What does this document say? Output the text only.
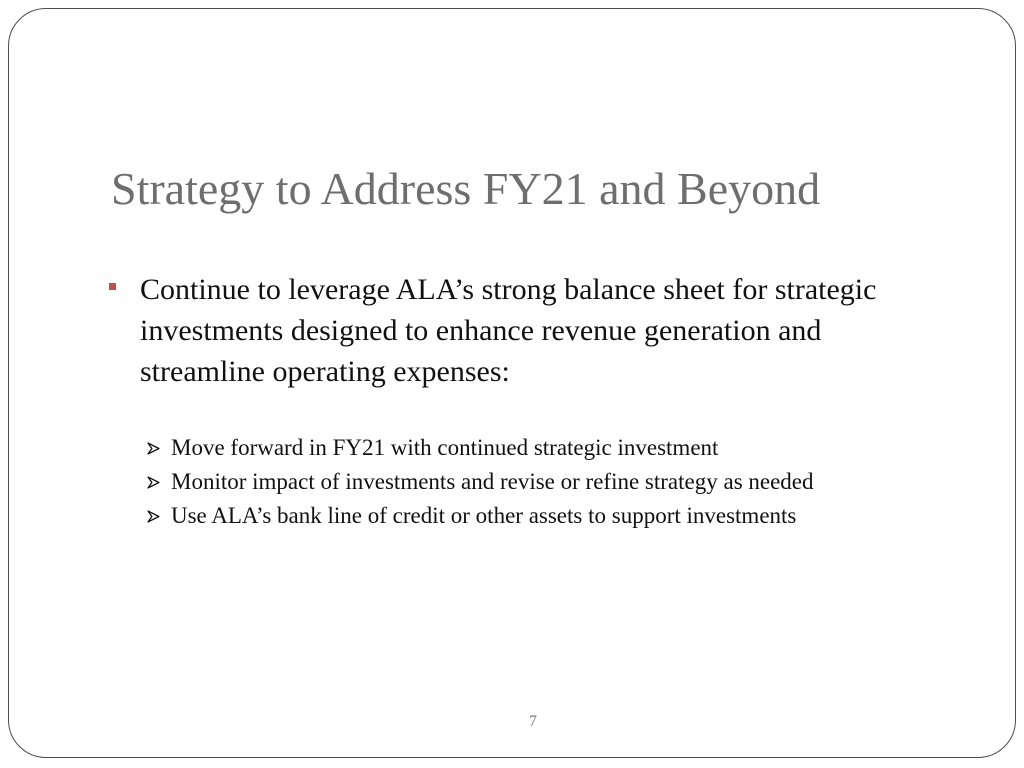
Strategy to Address FY21 and Beyond
Continue to leverage ALA’s strong balance sheet for strategic investments designed to enhance revenue generation and streamline operating expenses:
Move forward in FY21 with continued strategic investment
Monitor impact of investments and revise or refine strategy as needed
Use ALA’s bank line of credit or other assets to support investments
7
